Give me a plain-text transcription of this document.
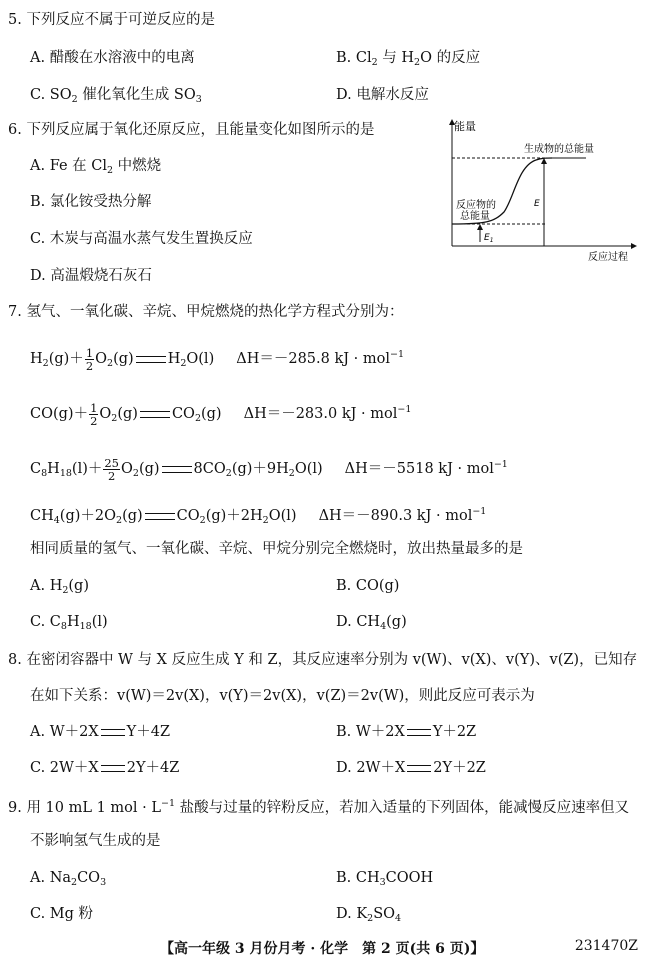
5. 下列反应不属于可逆反应的是
A. 醋酸在水溶液中的电离	B. $Cl_2$ 与 $H_2O$ 的反应
C. $SO_2$ 催化氧化生成 $SO_3$	D. 电解水反应
6. 下列反应属于氧化还原反应，且能量变化如图所示的是
A. Fe 在 $Cl_2$ 中燃烧
B. 氯化铵受热分解
C. 木炭与高温水蒸气发生置换反应
D. 高温煅烧石灰石
能量
反应过程
生成物的总能量
反应物的
总能量
E
$E_1$
7. 氢气、一氧化碳、辛烷、甲烷燃烧的热化学方程式分别为：
$H_2(g)+ \frac{1}{2} O_2(g)$ $H_2O(l)$ ΔH＝－285.8 kJ · mol$^{-1}$
$CO(g)+ \frac{1}{2} O_2(g)$ $CO_2(g)$ ΔH＝－283.0 kJ · mol$^{-1}$
$C_8H_{18}(l)+ \frac{25}{2} O_2(g)$ $8CO_2(g)+9H_2O(l)$ ΔH＝－5518 kJ · mol$^{-1}$
$CH_4(g)+2O_2(g)$ $CO_2(g)+2H_2O(l)$ ΔH＝－890.3 kJ · mol$^{-1}$
相同质量的氢气、一氧化碳、辛烷、甲烷分别完全燃烧时，放出热量最多的是
A. $H_2(g)$	B. CO(g)
C. $C_8H_{18}(l)$	D. $CH_4(g)$
8. 在密闭容器中 W 与 X 反应生成 Y 和 Z，其反应速率分别为 v(W)、v(X)、v(Y)、v(Z)，已知存
在如下关系：v(W)＝2v(X)，v(Y)＝2v(X)，v(Z)＝2v(W)，则此反应可表示为
A. W＋2X Y＋4Z	B. W＋2X Y＋2Z
C. 2W＋X 2Y＋4Z	D. 2W＋X 2Y＋2Z
9. 用 10 mL 1 mol · $L^{-1}$ 盐酸与过量的锌粉反应，若加入适量的下列固体，能减慢反应速率但又
不影响氢气生成的是
A. $Na_2CO_3$	B. $CH_3COOH$
C. Mg 粉	D. $K_2SO_4$
【高一年级 3 月份月考 · 化学　第 2 页(共 6 页)】	231470Z
